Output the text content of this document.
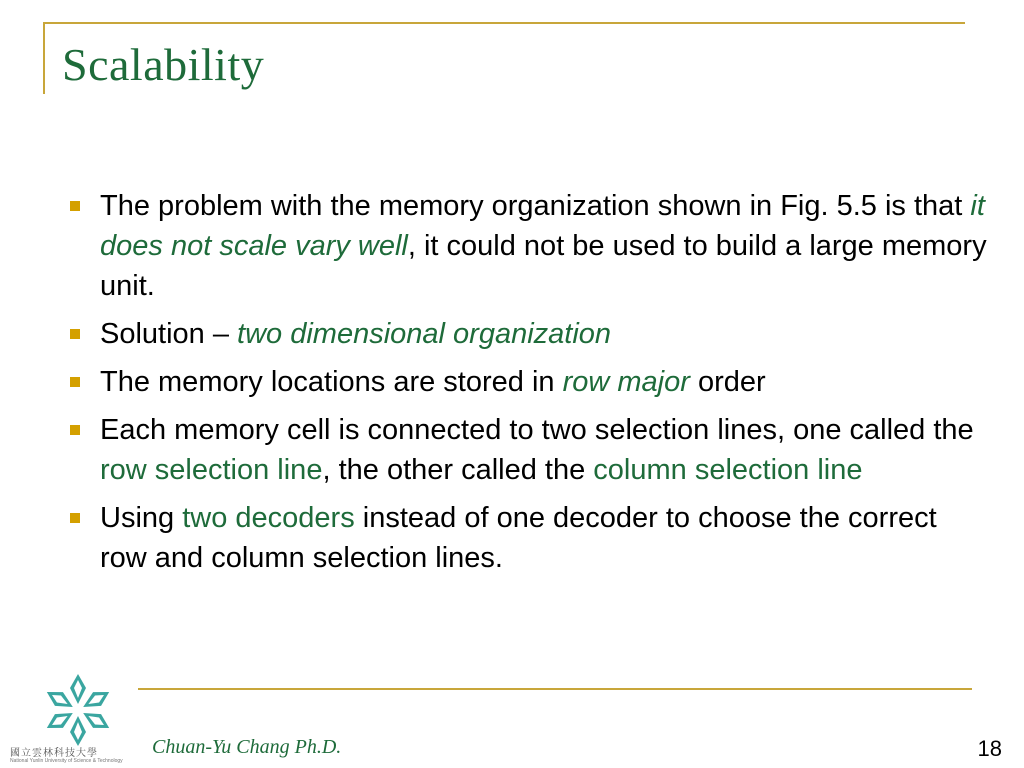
Scalability
The problem with the memory organization shown in Fig. 5.5 is that it does not scale vary well, it could not be used to build a large memory unit.
Solution – two dimensional organization
The memory locations are stored in row major order
Each memory cell is connected to two selection lines, one called the row selection line, the other called the column selection line
Using two decoders instead of one decoder to choose the correct row and column selection lines.
國立雲林科技大學
National Yunlin University of Science & Technology
Chuan-Yu Chang Ph.D.	18
